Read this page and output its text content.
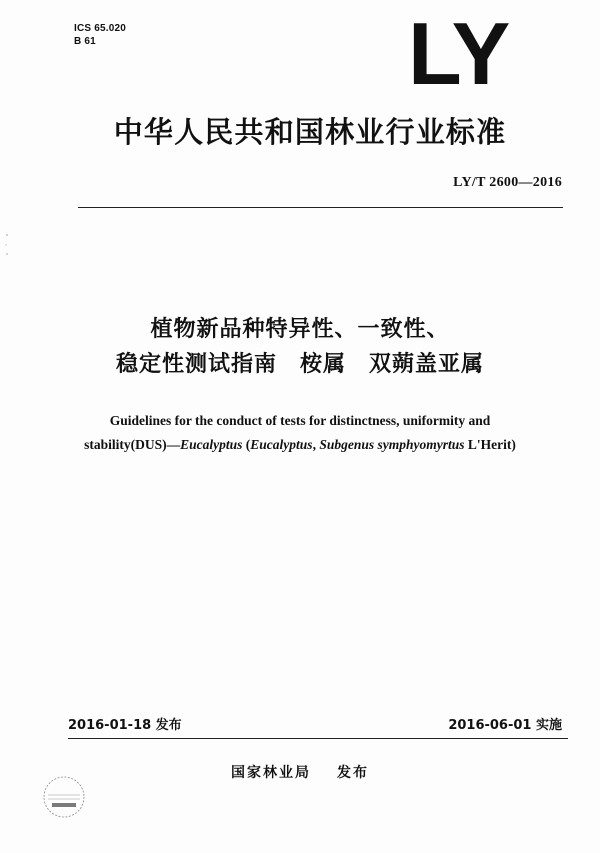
ICS 65.020
B 61	LY
中华人民共和国林业行业标准
LY/T 2600—2016
植物新品种特异性、一致性、
稳定性测试指南　桉属　双蒴盖亚属
Guidelines for the conduct of tests for distinctness, uniformity and
stability(DUS)—Eucalyptus (Eucalyptus, Subgenus symphyomyrtus L'Herit)
2016-01-18 发布	2016-06-01 实施
国家林业局 发布
